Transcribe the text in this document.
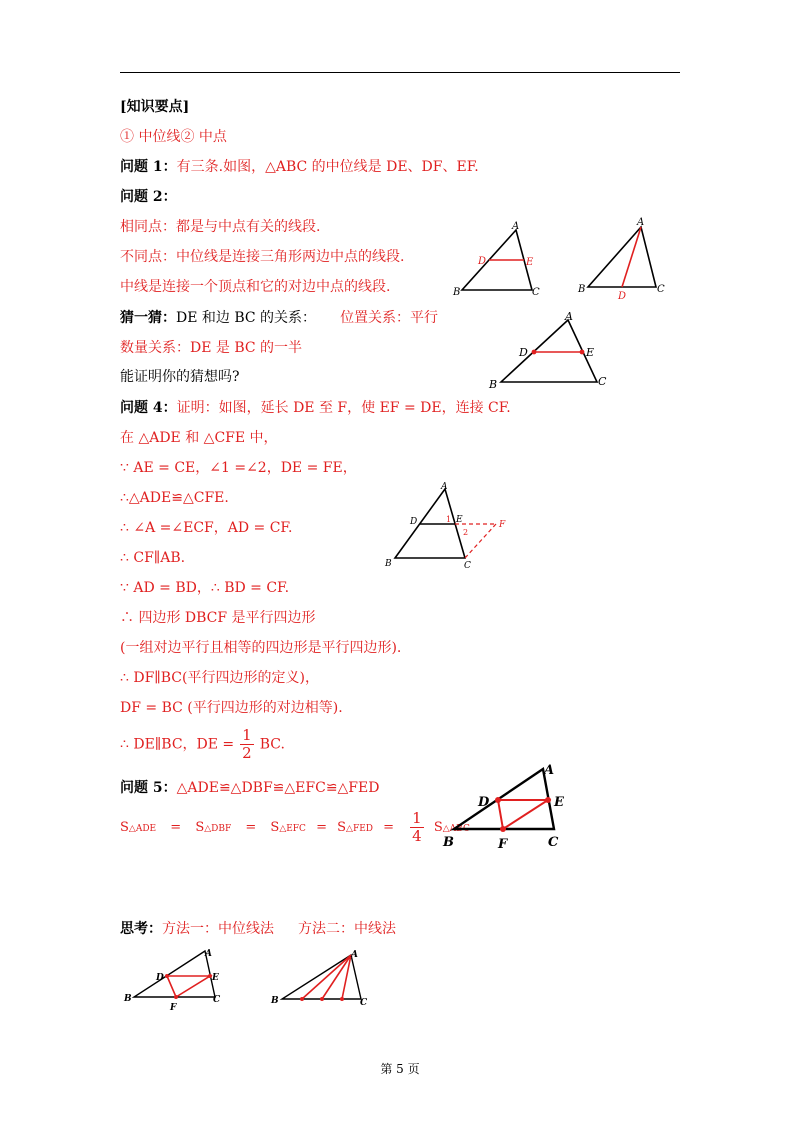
[知识要点]
① 中位线② 中点
问题 1：有三条.如图，△ABC 的中位线是 DE、DF、EF.
问题 2：
相同点：都是与中点有关的线段.
不同点：中位线是连接三角形两边中点的线段.
中线是连接一个顶点和它的对边中点的线段.
猜一猜：DE 和边 BC 的关系： 位置关系：平行
数量关系：DE 是 BC 的一半
能证明你的猜想吗?
问题 4：证明：如图，延长 DE 至 F，使 EF = DE，连接 CF.
在 △ADE 和 △CFE 中，
∵ AE = CE，∠1 =∠2，DE = FE，
∴△ADE≌△CFE.
∴ ∠A =∠ECF，AD = CF.
∴ CF∥AB.
∵ AD = BD，∴ BD = CF.
∴ 四边形 DBCF 是平行四边形
(一组对边平行且相等的四边形是平行四边形).
∴ DF∥BC(平行四边形的定义)，
DF = BC (平行四边形的对边相等).
∴ DE∥BC，DE = $\frac{1}{2}$ BC.
问题 5：△ADE≌△DBF≌△EFC≌△FED
S△ADE = S△DBF = S△EFC = S△FED = $\frac{1}{4}$ S△ABC
思考：方法一：中位线法 方法二：中线法
A
B	C
D	E
A
B	C
D
A
B	C
D	E
A
B	C
D	E	F
1
2
A
B	C
D	E
F
A
B	C
D	E
F
A
B	C
第 5 页
